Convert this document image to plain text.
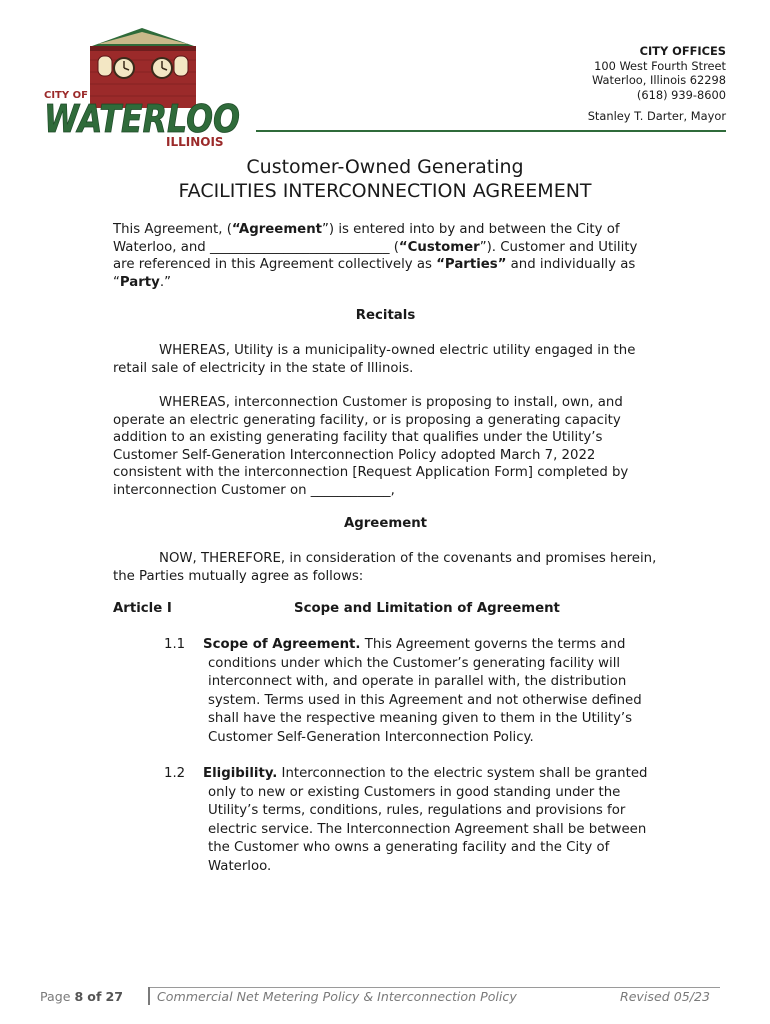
CITY OF
WATERLOO
ILLINOIS
CITY OFFICES
100 West Fourth Street
Waterloo, Illinois 62298
(618) 939-8600
Stanley T. Darter, Mayor
Customer-Owned Generating
FACILITIES INTERCONNECTION AGREEMENT

This Agreement, (“Agreement”) is entered into by and between the City of Waterloo, and ___________________________ (“Customer”). Customer and Utility are referenced in this Agreement collectively as “Parties” and individually as “Party.”

Recitals

WHEREAS, Utility is a municipality-owned electric utility engaged in the retail sale of electricity in the state of Illinois.

WHEREAS, interconnection Customer is proposing to install, own, and operate an electric generating facility, or is proposing a generating capacity addition to an existing generating facility that qualifies under the Utility’s Customer Self-Generation Interconnection Policy adopted March 7, 2022 consistent with the interconnection [Request Application Form] completed by interconnection Customer on ____________,

Agreement

NOW, THEREFORE, in consideration of the covenants and promises herein, the Parties mutually agree as follows:

Article I	Scope and Limitation of Agreement
1.1 Scope of Agreement. This Agreement governs the terms and conditions under which the Customer’s generating facility will interconnect with, and operate in parallel with, the distribution system. Terms used in this Agreement and not otherwise defined shall have the respective meaning given to them in the Utility’s Customer Self-Generation Interconnection Policy.
1.2 Eligibility. Interconnection to the electric system shall be granted only to new or existing Customers in good standing under the Utility’s terms, conditions, rules, regulations and provisions for electric service. The Interconnection Agreement shall be between the Customer who owns a generating facility and the City of Waterloo.
Page 8 of 27	Commercial Net Metering Policy & Interconnection Policy	Revised 05/23
